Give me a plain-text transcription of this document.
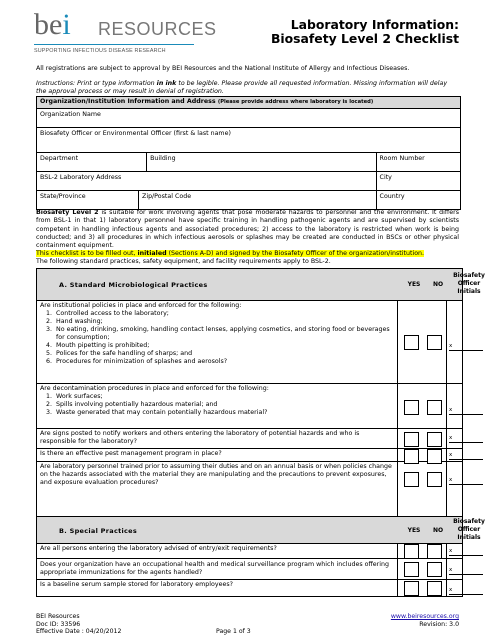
bei RESOURCES
SUPPORTING INFECTIOUS DISEASE RESEARCH
Laboratory Information:
Biosafety Level 2 Checklist
All registrations are subject to approval by BEI Resources and the National Institute of Allergy and Infectious Diseases.
Instructions: Print or type information in ink to be legible. Please provide all requested information. Missing information will delay the approval process or may result in denial of registration.
Organization/Institution Information and Address (Please provide address where laboratory is located)			
Organization Name			
Biosafety Officer or Environmental Officer (first & last name)			
Department		Building	Room Number
BSL-2 Laboratory Address			City
State/Province	Zip/Postal Code		Country
Biosafety Level 2 is suitable for work involving agents that pose moderate hazards to personnel and the environment. It differs from BSL-1 in that 1) laboratory personnel have specific training in handling pathogenic agents and are supervised by scientists competent in handling infectious agents and associated procedures; 2) access to the laboratory is restricted when work is being conducted; and 3) all procedures in which infectious aerosols or splashes may be created are conducted in BSCs or other physical containment equipment.
This checklist is to be filled out, initialed (Sections A-D) and signed by the Biosafety Officer of the organization/institution.
The following standard practices, safety equipment, and facility requirements apply to BSL-2.
A. Standard Microbiological Practices	YES	NO
Biosafety
Officer
Initials
Are institutional policies in place and enforced for the following:
1. Controlled access to the laboratory;
2. Hand washing;
3. No eating, drinking, smoking, handling contact lenses, applying cosmetics, and storing food or beverages for consumption;
4. Mouth pipetting is prohibited;
5. Polices for the safe handling of sharps; and
6. Procedures for minimization of splashes and aerosols?
x
Are decontamination procedures in place and enforced for the following:
1. Work surfaces;
2. Spills involving potentially hazardous material; and
3. Waste generated that may contain potentially hazardous material?	x
Are signs posted to notify workers and others entering the laboratory of potential hazards and who is responsible for the laboratory?	x
Is there an effective pest management program in place?	x
Are laboratory personnel trained prior to assuming their duties and on an annual basis or when policies change on the hazards associated with the material they are manipulating and the precautions to prevent exposures, and exposure evaluation procedures?	x
B. Special Practices	YES	NO
Biosafety
Officer
Initials
Are all persons entering the laboratory advised of entry/exit requirements?	x
Does your organization have an occupational health and medical surveillance program which includes offering appropriate immunizations for the agents handled?	x
Is a baseline serum sample stored for laboratory employees?
x
BEI Resources
Doc ID: 33596
Effective Date : 04/20/2012	Page 1 of 3
www.beiresources.org
Revision: 3.0
